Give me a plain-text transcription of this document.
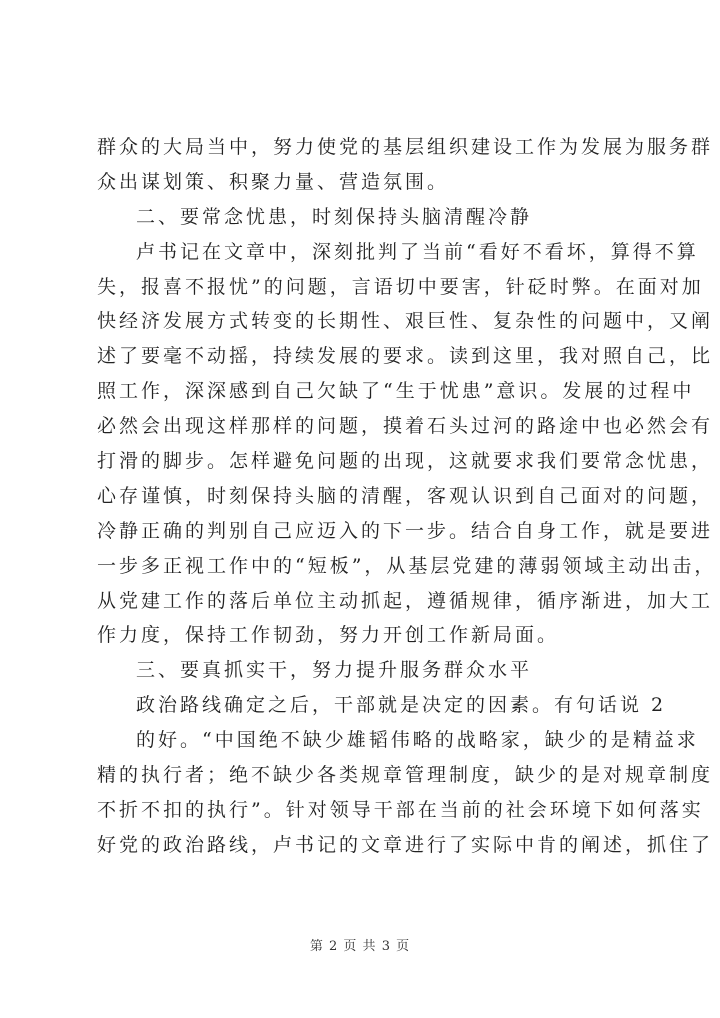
群众的大局当中，努力使党的基层组织建设工作为发展为服务群
众出谋划策、积聚力量、营造氛围。
二、要常念忧患，时刻保持头脑清醒冷静
卢书记在文章中，深刻批判了当前“看好不看坏，算得不算
失，报喜不报忧”的问题，言语切中要害，针砭时弊。在面对加
快经济发展方式转变的长期性、艰巨性、复杂性的问题中，又阐
述了要毫不动摇，持续发展的要求。读到这里，我对照自己，比
照工作，深深感到自己欠缺了“生于忧患”意识。发展的过程中
必然会出现这样那样的问题，摸着石头过河的路途中也必然会有
打滑的脚步。怎样避免问题的出现，这就要求我们要常念忧患，
心存谨慎，时刻保持头脑的清醒，客观认识到自己面对的问题，
冷静正确的判别自己应迈入的下一步。结合自身工作，就是要进
一步多正视工作中的“短板”，从基层党建的薄弱领域主动出击，
从党建工作的落后单位主动抓起，遵循规律，循序渐进，加大工
作力度，保持工作韧劲，努力开创工作新局面。
三、要真抓实干，努力提升服务群众水平
政治路线确定之后，干部就是决定的因素。有句话说 2
的好。“中国绝不缺少雄韬伟略的战略家，缺少的是精益求
精的执行者；绝不缺少各类规章管理制度，缺少的是对规章制度
不折不扣的执行”。针对领导干部在当前的社会环境下如何落实
好党的政治路线，卢书记的文章进行了实际中肯的阐述，抓住了
第 2 页 共 3 页
